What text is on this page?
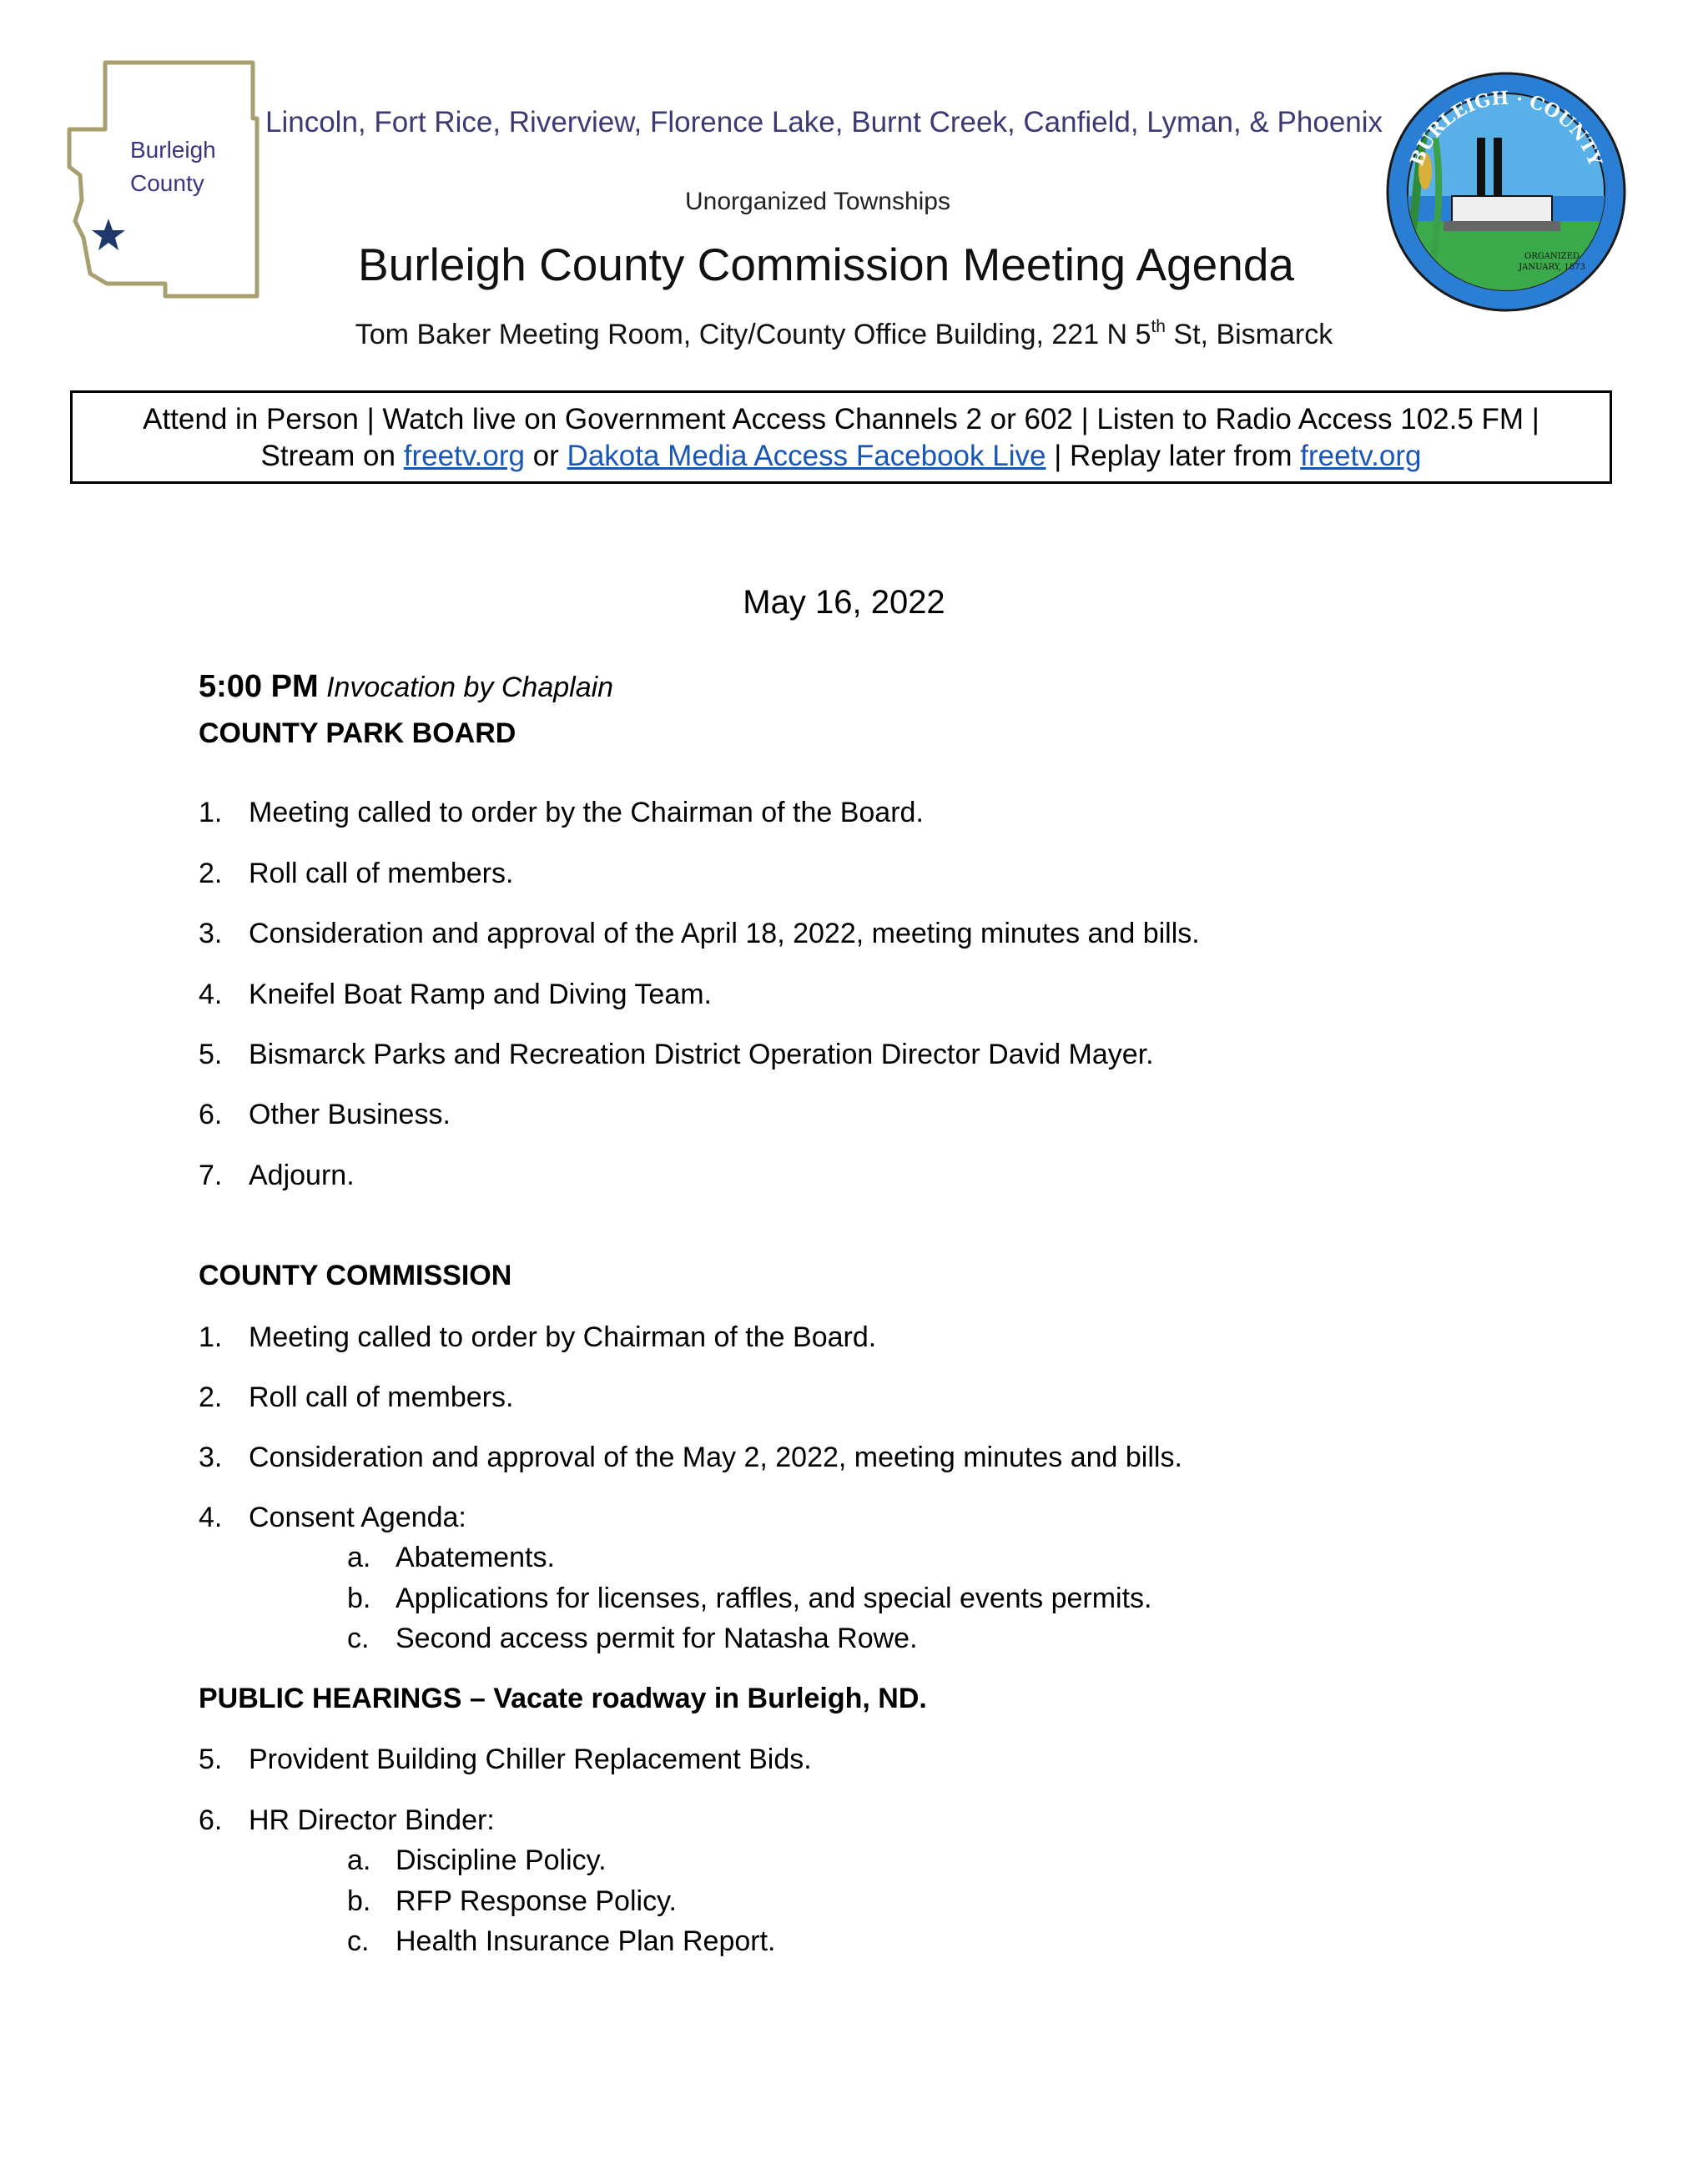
Burleigh
County
Lincoln, Fort Rice, Riverview, Florence Lake, Burnt Creek, Canfield, Lyman, & Phoenix
Unorganized Townships
Burleigh County Commission Meeting Agenda
Tom Baker Meeting Room, City/County Office Building, 221 N 5th St, Bismarck
BURLEIGH · COUNTY
ORGANIZED
JANUARY, 1873
Attend in Person | Watch live on Government Access Channels 2 or 602 | Listen to Radio Access 102.5 FM |
Stream on freetv.org or Dakota Media Access Facebook Live | Replay later from freetv.org
May 16, 2022
5:00 PM Invocation by Chaplain
COUNTY PARK BOARD
1. Meeting called to order by the Chairman of the Board.
2. Roll call of members.
3. Consideration and approval of the April 18, 2022, meeting minutes and bills.
4. Kneifel Boat Ramp and Diving Team.
5. Bismarck Parks and Recreation District Operation Director David Mayer.
6. Other Business.
7. Adjourn.
COUNTY COMMISSION
1. Meeting called to order by Chairman of the Board.
2. Roll call of members.
3. Consideration and approval of the May 2, 2022, meeting minutes and bills.
4. Consent Agenda:
a. Abatements.
b. Applications for licenses, raffles, and special events permits.
c. Second access permit for Natasha Rowe.
PUBLIC HEARINGS – Vacate roadway in Burleigh, ND.
5. Provident Building Chiller Replacement Bids.
6. HR Director Binder:
a. Discipline Policy.
b. RFP Response Policy.
c. Health Insurance Plan Report.
